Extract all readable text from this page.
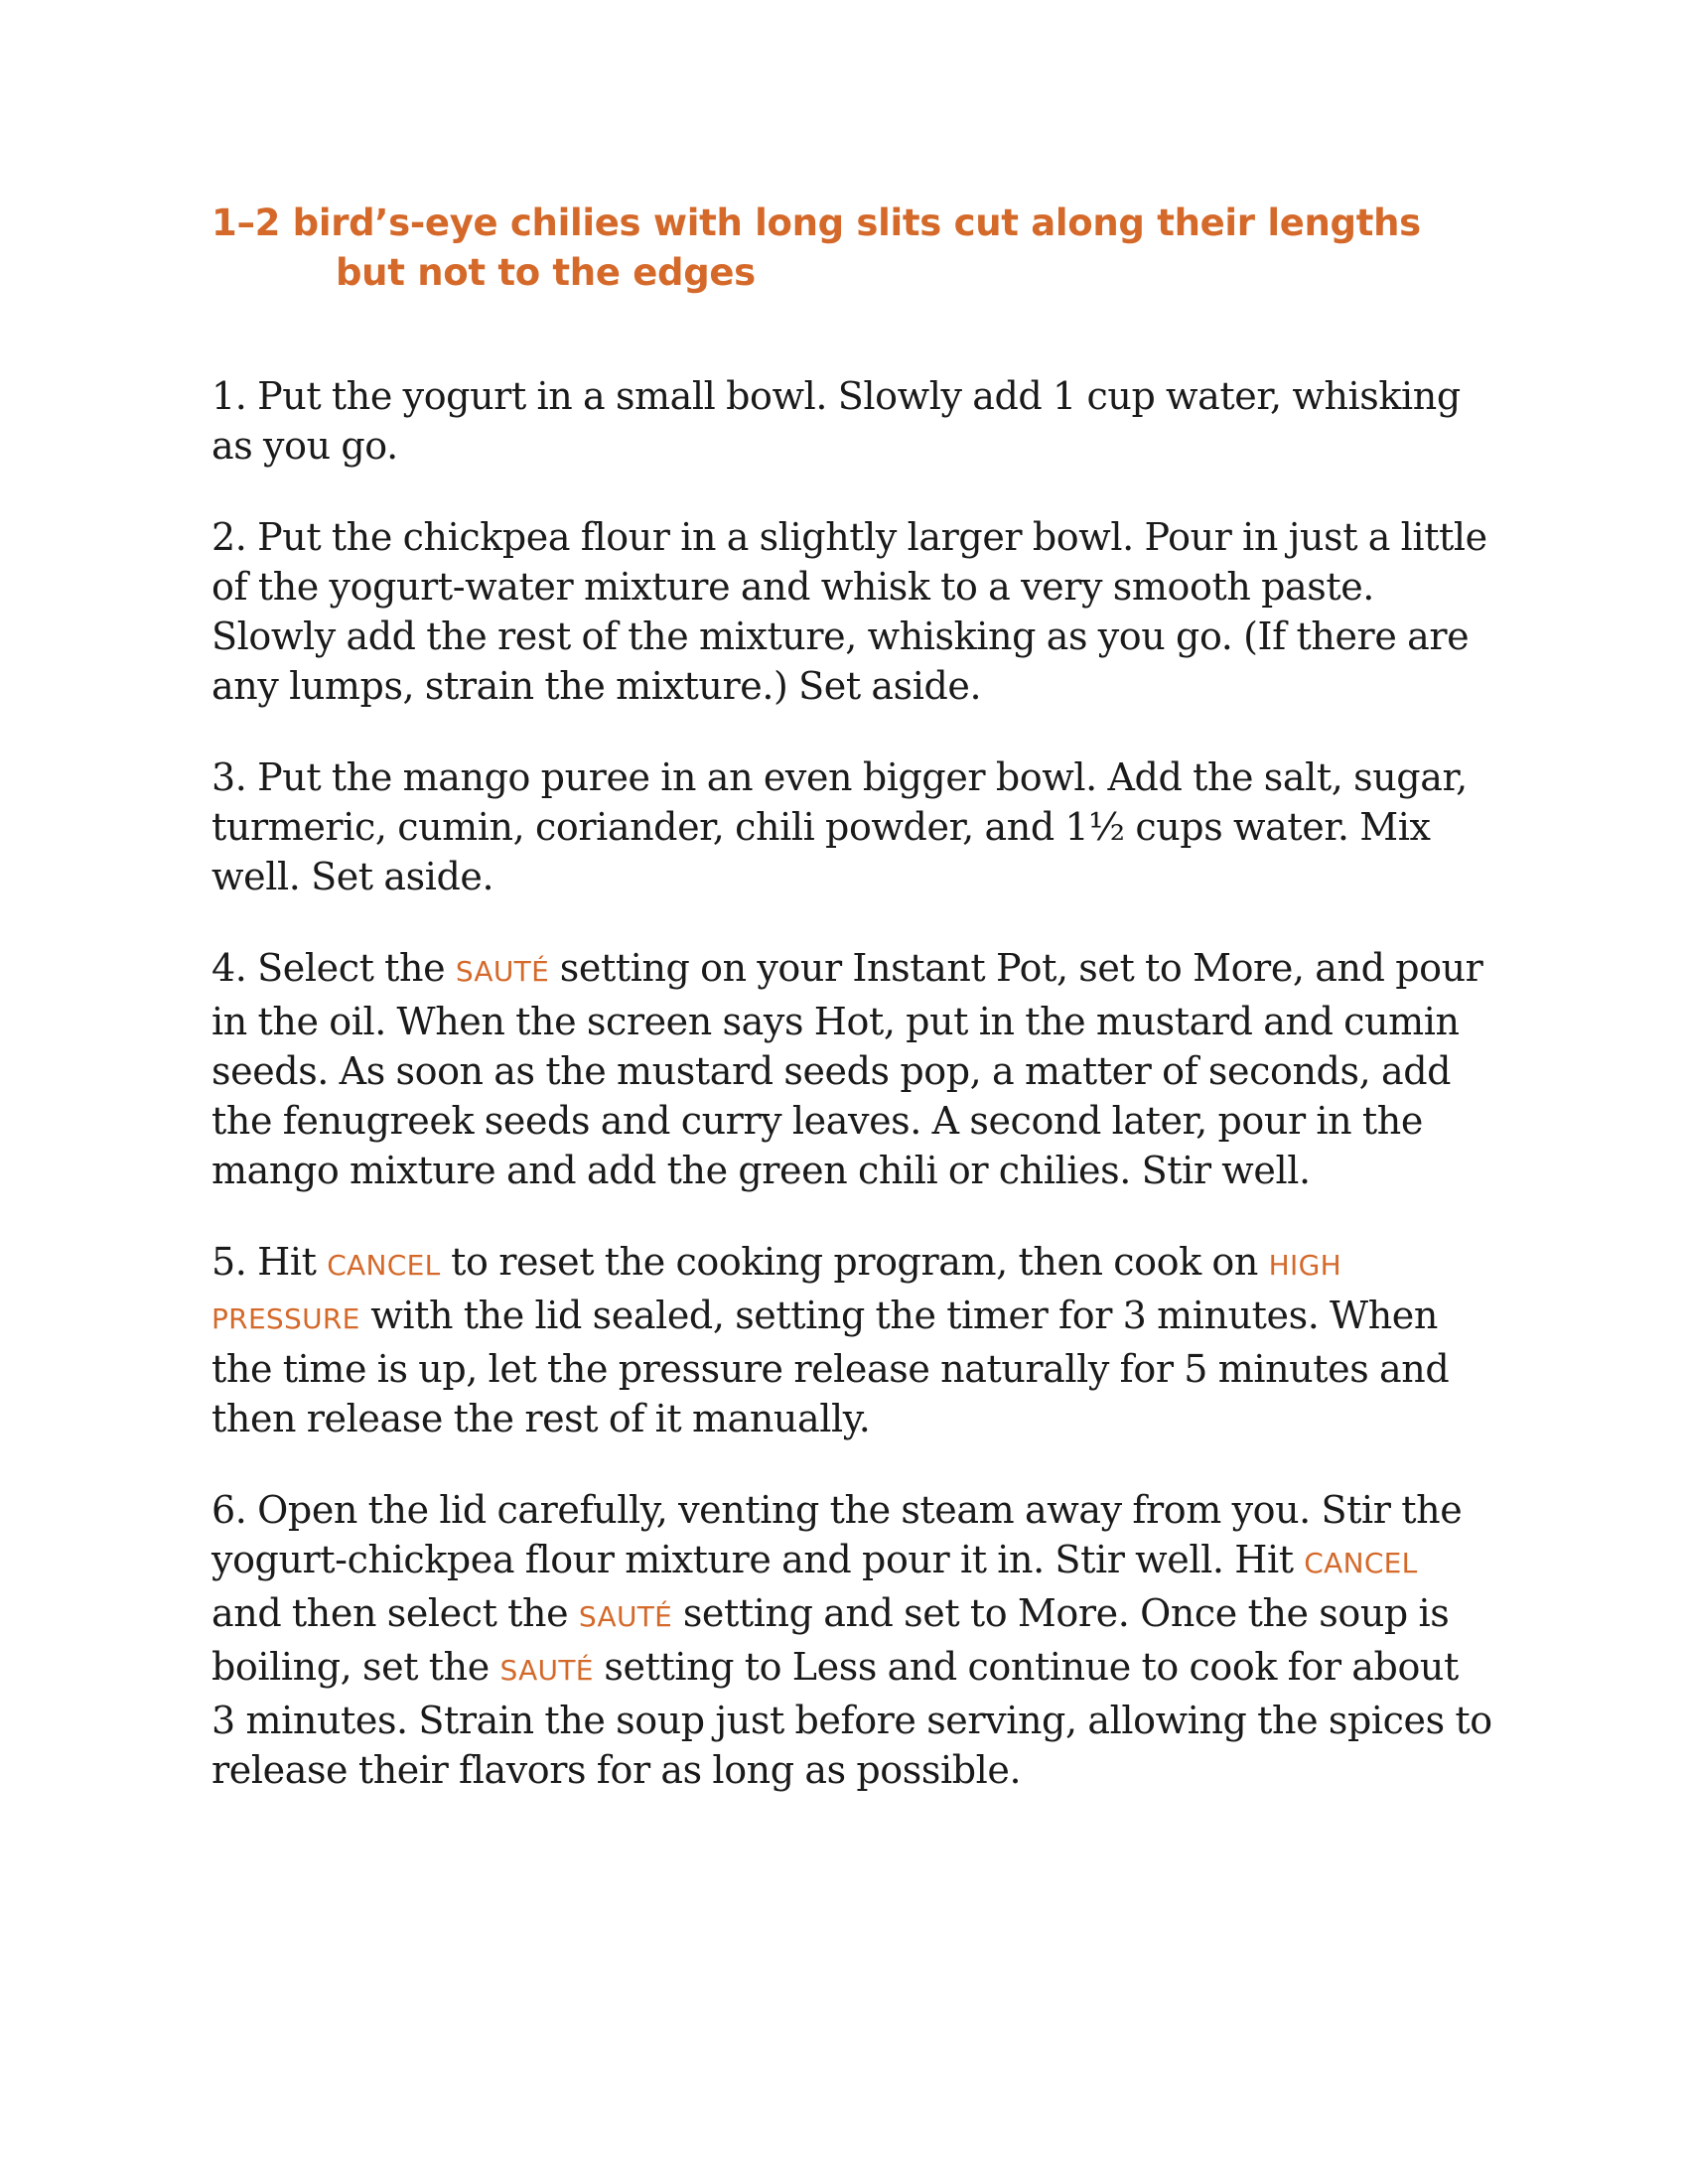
1–2 bird’s-eye chilies with long slits cut along their lengths but not to the edges

1. Put the yogurt in a small bowl. Slowly add 1 cup water, whisking as you go.

2. Put the chickpea flour in a slightly larger bowl. Pour in just a little of the yogurt-water mixture and whisk to a very smooth paste. Slowly add the rest of the mixture, whisking as you go. (If there are any lumps, strain the mixture.) Set aside.

3. Put the mango puree in an even bigger bowl. Add the salt, sugar, turmeric, cumin, coriander, chili powder, and 1½ cups water. Mix well. Set aside.

4. Select the SAUTÉ setting on your Instant Pot, set to More, and pour in the oil. When the screen says Hot, put in the mustard and cumin seeds. As soon as the mustard seeds pop, a matter of seconds, add the fenugreek seeds and curry leaves. A second later, pour in the mango mixture and add the green chili or chilies. Stir well.

5. Hit CANCEL to reset the cooking program, then cook on HIGH PRESSURE with the lid sealed, setting the timer for 3 minutes. When the time is up, let the pressure release naturally for 5 minutes and then release the rest of it manually.

6. Open the lid carefully, venting the steam away from you. Stir the yogurt-chickpea flour mixture and pour it in. Stir well. Hit CANCEL and then select the SAUTÉ setting and set to More. Once the soup is boiling, set the SAUTÉ setting to Less and continue to cook for about 3 minutes. Strain the soup just before serving, allowing the spices to release their flavors for as long as possible.
